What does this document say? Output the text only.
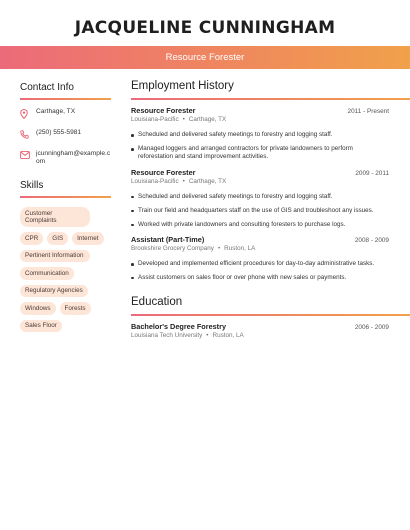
JACQUELINE CUNNINGHAM
Resource Forester
Contact Info
Carthage, TX
(250) 555-5981
jcunningham@example.com
Skills
Customer Complaints
CPR	GIS	Internet
Pertinent Information
Communication
Regulatory Agencies
Windows	Forests
Sales Floor
Employment History
Resource Forester	2011 - Present
Louisiana-Pacific • Carthage, TX
Scheduled and delivered safety meetings to forestry and logging staff.
Managed loggers and arranged contractors for private landowners to perform reforestation and stand improvement activities.
Resource Forester	2009 - 2011
Louisiana-Pacific • Carthage, TX
Scheduled and delivered safety meetings to forestry and logging staff.
Train our field and headquarters staff on the use of GIS and troubleshoot any issues.
Worked with private landowners and consulting foresters to purchase logs.
Assistant (Part-Time)	2008 - 2009
Brookshire Grocery Company • Ruston, LA
Developed and implemented efficient procedures for day-to-day administrative tasks.
Assist customers on sales floor or over phone with new sales or payments.
Education
Bachelor's Degree Forestry	2006 - 2009
Louisiana Tech University • Ruston, LA
